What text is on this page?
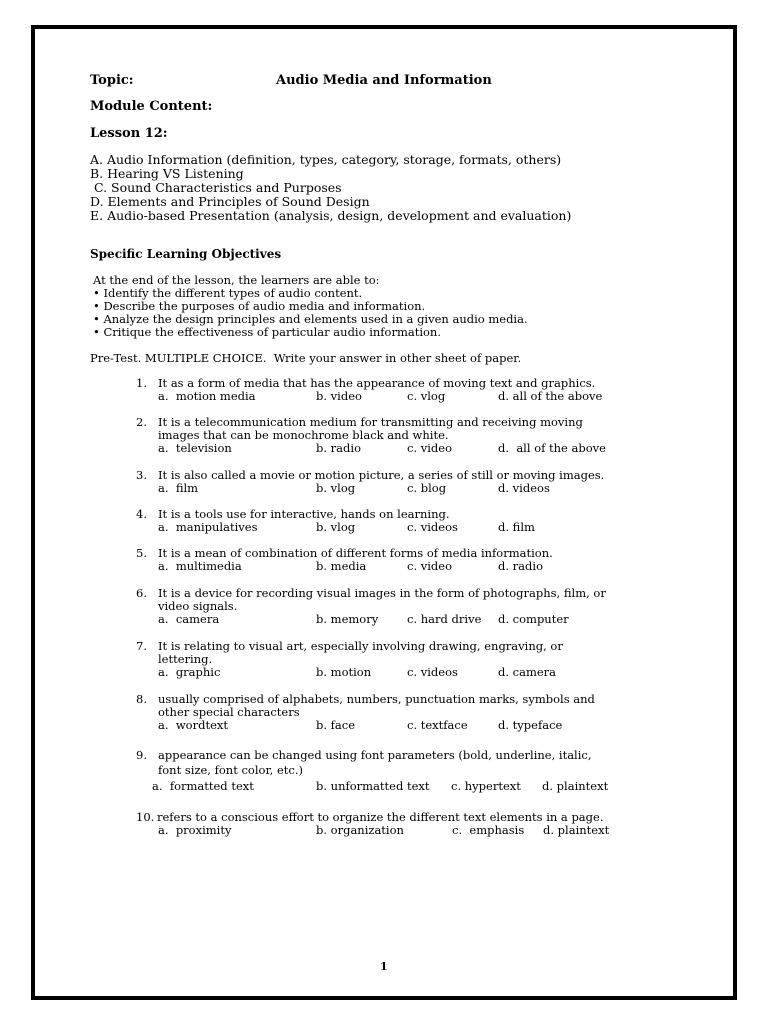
Topic:	Audio Media and Information
Module Content:
Lesson 12:
A. Audio Information (definition, types, category, storage, formats, others)
B. Hearing VS Listening
C. Sound Characteristics and Purposes
D. Elements and Principles of Sound Design
E. Audio-based Presentation (analysis, design, development and evaluation)
Specific Learning Objectives
At the end of the lesson, the learners are able to:
• Identify the different types of audio content.
• Describe the purposes of audio media and information.
• Analyze the design principles and elements used in a given audio media.
• Critique the effectiveness of particular audio information.
Pre-Test. MULTIPLE CHOICE.  Write your answer in other sheet of paper.
1. It as a form of media that has the appearance of moving text and graphics.
a.  motion media	b. video	c. vlog	d. all of the above
2. It is a telecommunication medium for transmitting and receiving moving
images that can be monochrome black and white.
a.  television	b. radio	c. video	d.  all of the above
3. It is also called a movie or motion picture, a series of still or moving images.
a.  film	b. vlog	c. blog	d. videos
4. It is a tools use for interactive, hands on learning.
a.  manipulatives	b. vlog	c. videos	d. film
5. It is a mean of combination of different forms of media information.
a.  multimedia	b. media	c. video	d. radio
6. It is a device for recording visual images in the form of photographs, film, or
video signals.
a.  camera	b. memory	c. hard drive d. computer
7. It is relating to visual art, especially involving drawing, engraving, or
lettering.
a.  graphic	b. motion	c. videos	d. camera
8. usually comprised of alphabets, numbers, punctuation marks, symbols and
other special characters
a.  wordtext	b. face	c. textface	d. typeface
9. appearance can be changed using font parameters (bold, underline, italic,
font size, font color, etc.)
a.  formatted text	b. unformatted text c. hypertext d. plaintext
10. refers to a conscious effort to organize the different text elements in a page.
a.  proximity	b. organization	c.  emphasis d. plaintext
1
